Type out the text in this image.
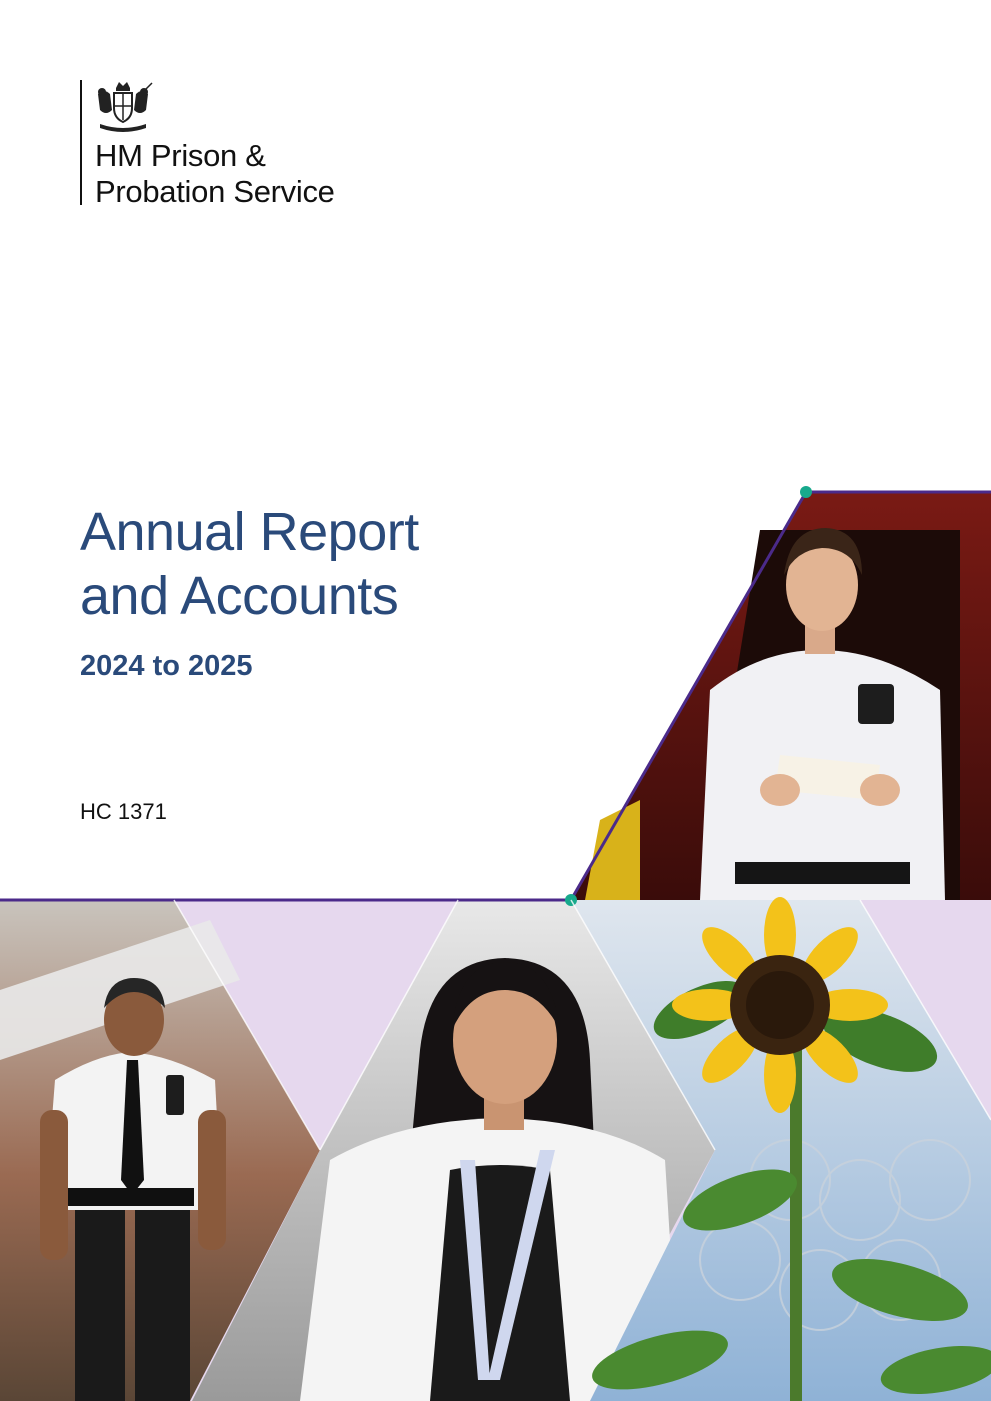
HM Prison &
Probation Service
Annual Report
and Accounts
2024 to 2025
HC 1371
